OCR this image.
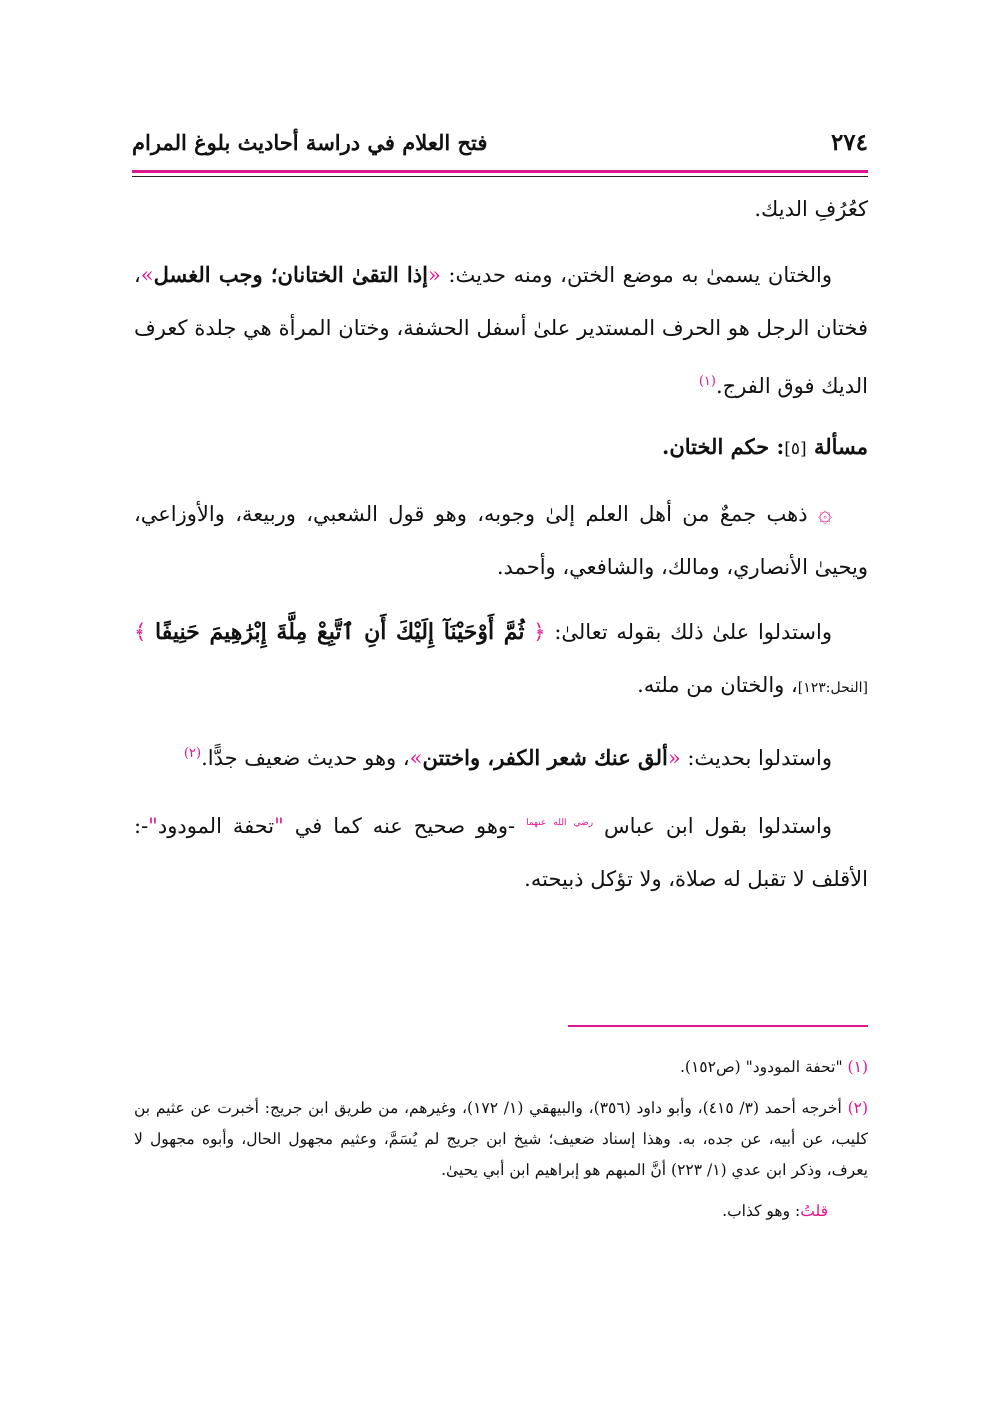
٢٧٤
فتح العلام في دراسة أحاديث بلوغ المرام

كعُرُفِ الديك.

والختان يسمىٰ به موضع الختن، ومنه حديث: «إذا التقىٰ الختانان؛ وجب الغسل»، فختان الرجل هو الحرف المستدير علىٰ أسفل الحشفة، وختان المرأة هي جلدة كعرف الديك فوق الفرج.$^{(١)}$

مسألة [٥]: حكم الختان.

۞ ذهب جمعٌ من أهل العلم إلىٰ وجوبه، وهو قول الشعبي، وربيعة، والأوزاعي، ويحيىٰ الأنصاري، ومالك، والشافعي، وأحمد.

واستدلوا علىٰ ذلك بقوله تعالىٰ: ﴿ ثُمَّ أَوْحَيْنَآ إِلَيْكَ أَنِ ٱتَّبِعْ مِلَّةَ إِبْرَٰهِيمَ حَنِيفًا ﴾ [النحل:١٢٣]، والختان من ملته.

واستدلوا بحديث: «ألق عنك شعر الكفر، واختتن»، وهو حديث ضعيف جدًّا.$^{(٢)}$

واستدلوا بقول ابن عباس $^{رضي الله عنهما}$ -وهو صحيح عنه كما في "تحفة المودود"-: الأقلف لا تقبل له صلاة، ولا تؤكل ذبيحته.

(١) "تحفة المودود" (ص١٥٢).

(٢) أخرجه أحمد (٣/ ٤١٥)، وأبو داود (٣٥٦)، والبيهقي (١/ ١٧٢)، وغيرهم، من طريق ابن جريج: أخبرت عن عثيم بن كليب، عن أبيه، عن جده، به. وهذا إسناد ضعيف؛ شيخ ابن جريج لم يُسَمَّ، وعثيم مجهول الحال، وأبوه مجهول لا يعرف، وذكر ابن عدي (١/ ٢٢٣) أنَّ المبهم هو إبراهيم ابن أبي يحيىٰ.

قلتُ: وهو كذاب.
